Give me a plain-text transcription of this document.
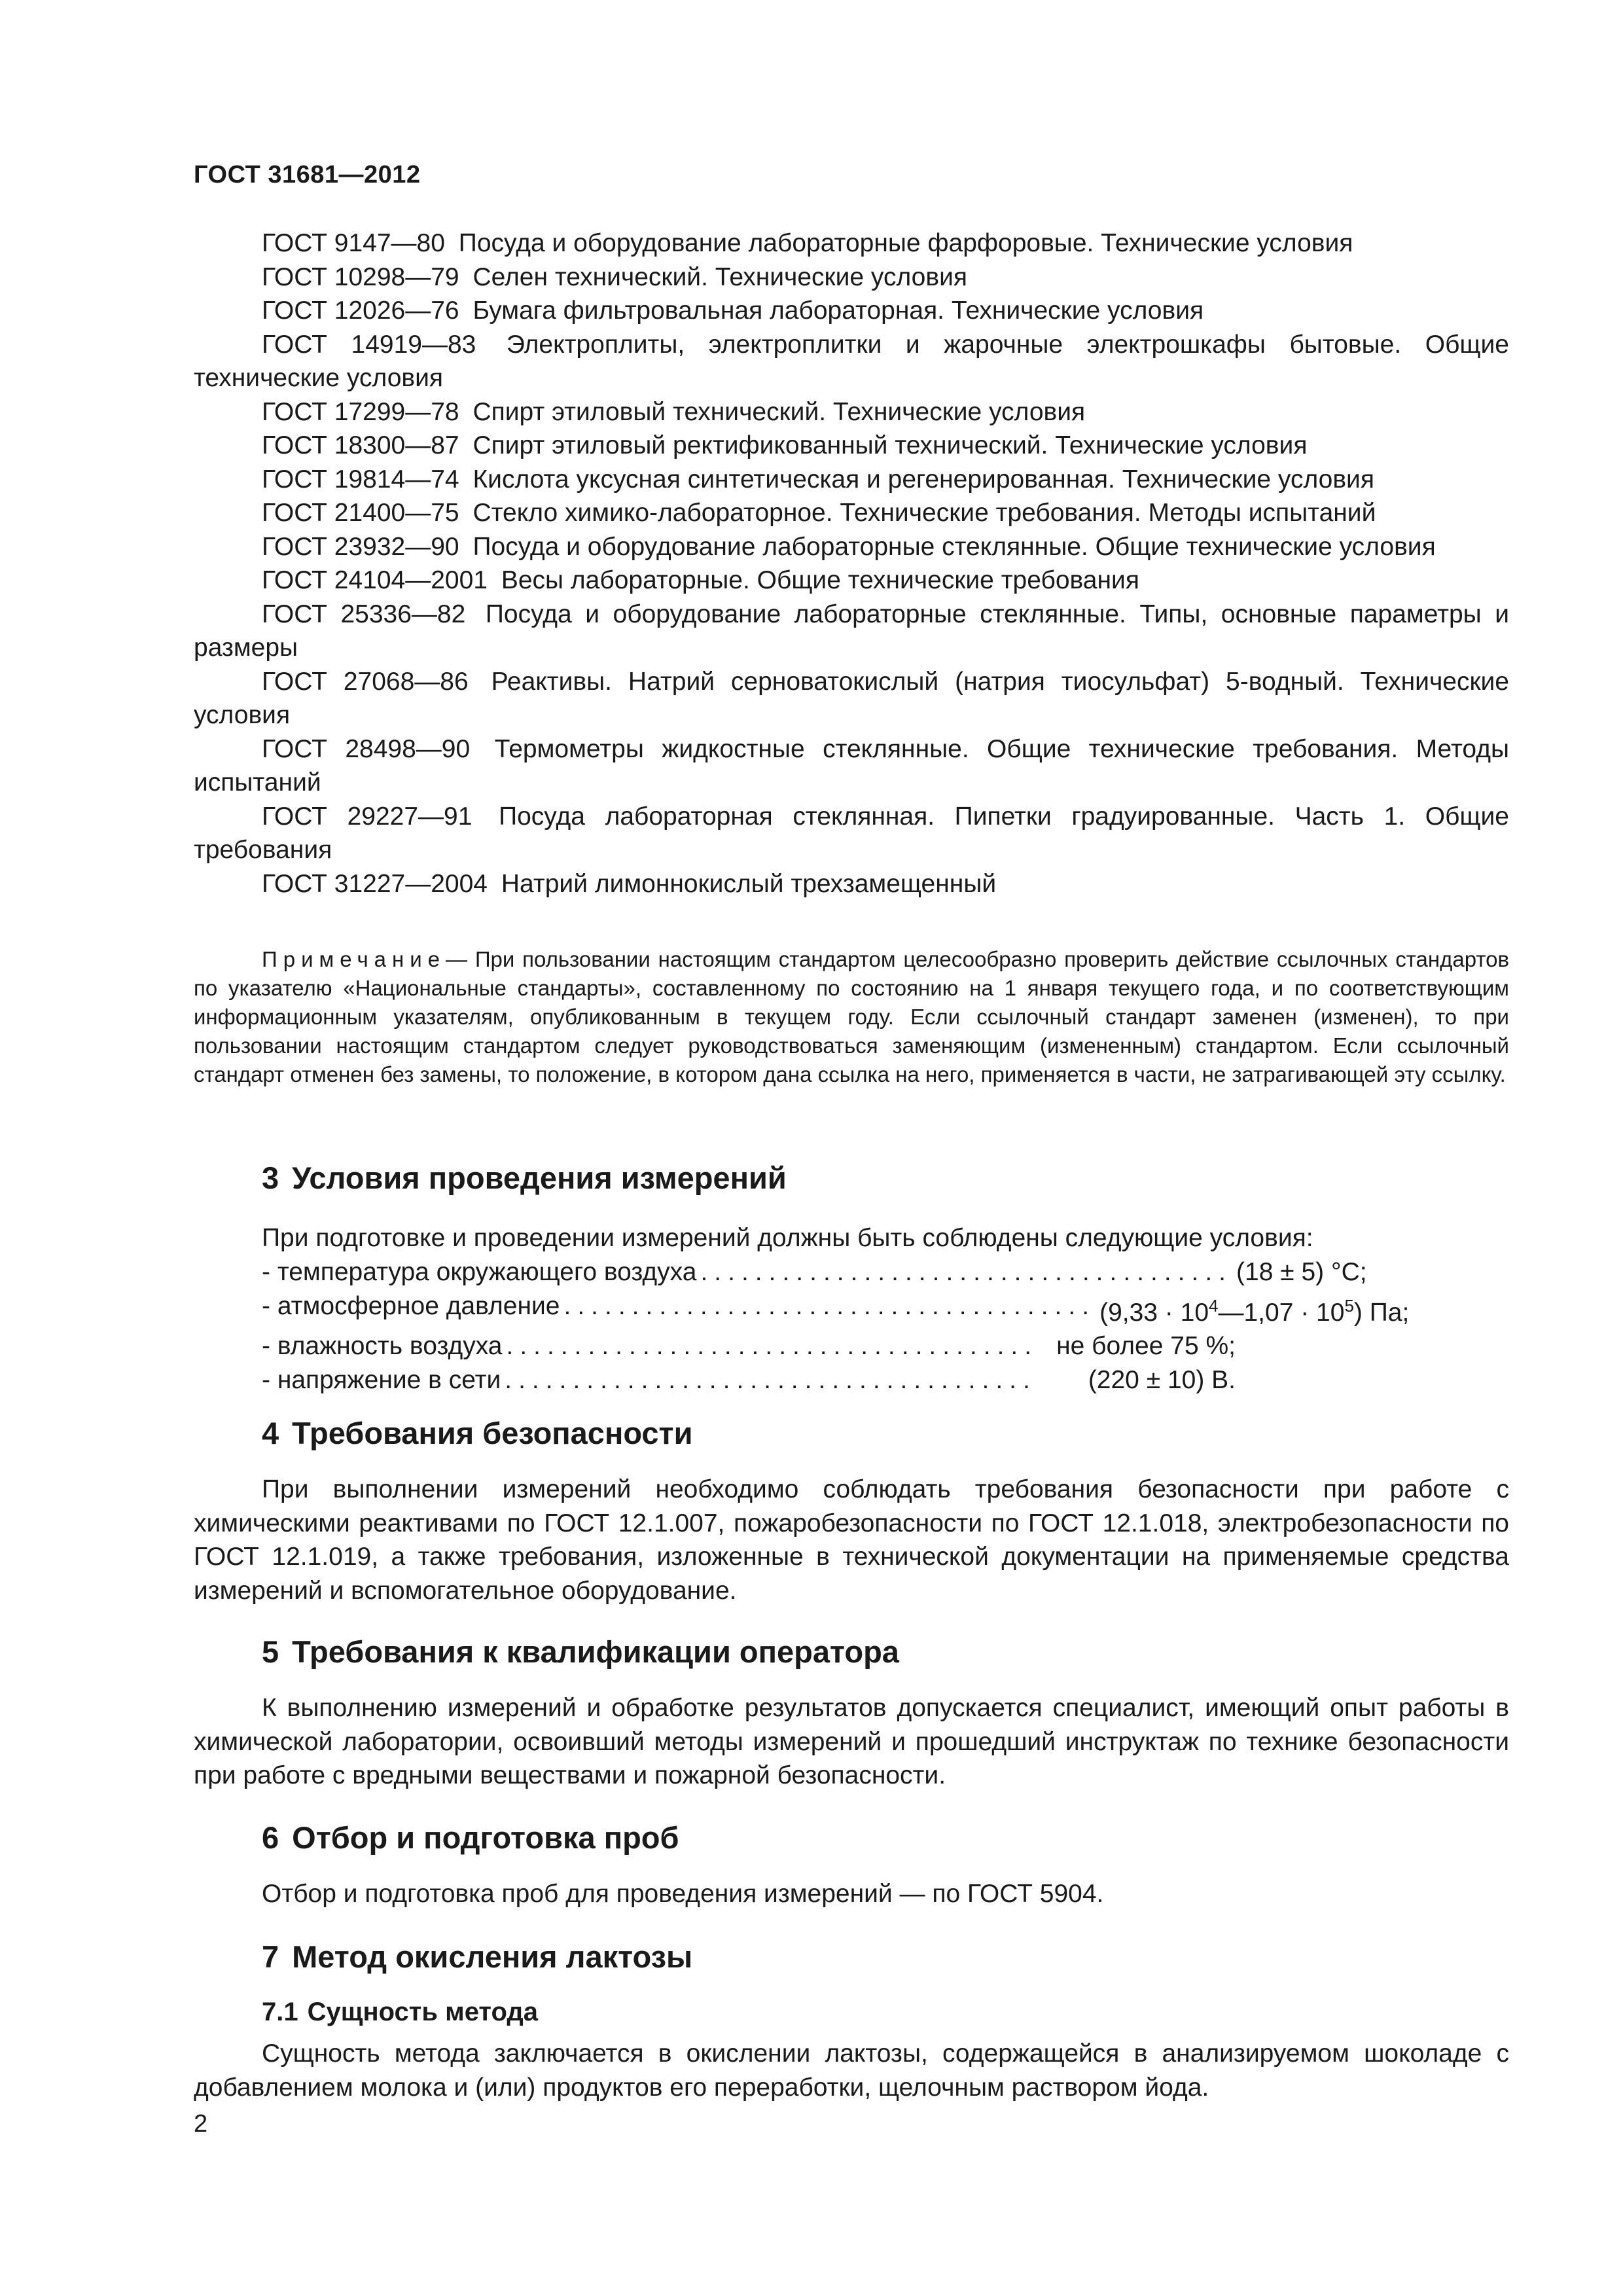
ГОСТ 31681—2012
ГОСТ 9147—80 Посуда и оборудование лабораторные фарфоровые. Технические условия
ГОСТ 10298—79 Селен технический. Технические условия
ГОСТ 12026—76 Бумага фильтровальная лабораторная. Технические условия
ГОСТ 14919—83 Электроплиты, электроплитки и жарочные электрошкафы бытовые. Общие технические условия
ГОСТ 17299—78 Спирт этиловый технический. Технические условия
ГОСТ 18300—87 Спирт этиловый ректификованный технический. Технические условия
ГОСТ 19814—74 Кислота уксусная синтетическая и регенерированная. Технические условия
ГОСТ 21400—75 Стекло химико-лабораторное. Технические требования. Методы испытаний
ГОСТ 23932—90 Посуда и оборудование лабораторные стеклянные. Общие технические условия
ГОСТ 24104—2001 Весы лабораторные. Общие технические требования
ГОСТ 25336—82 Посуда и оборудование лабораторные стеклянные. Типы, основные параметры и размеры
ГОСТ 27068—86 Реактивы. Натрий серноватокислый (натрия тиосульфат) 5-водный. Технические условия
ГОСТ 28498—90 Термометры жидкостные стеклянные. Общие технические требования. Методы испытаний
ГОСТ 29227—91 Посуда лабораторная стеклянная. Пипетки градуированные. Часть 1. Общие требования
ГОСТ 31227—2004 Натрий лимоннокислый трехзамещенный
Примечание— При пользовании настоящим стандартом целесообразно проверить действие ссылочных стандартов по указателю «Национальные стандарты», составленному по состоянию на 1 января текущего года, и по соответствующим информационным указателям, опубликованным в текущем году. Если ссылочный стандарт заменен (изменен), то при пользовании настоящим стандартом следует руководствоваться заменяющим (измененным) стандартом. Если ссылочный стандарт отменен без замены, то положение, в котором дана ссылка на него, применяется в части, не затрагивающей эту ссылку.
3 Условия проведения измерений
При подготовке и проведении измерений должны быть соблюдены следующие условия:
- температура окружающего воздуха ....................................... (18 ± 5) °С;
- атмосферное давление ....................................... $(9,33 \cdot 10^4—1,07 \cdot 10^5)$ Па;
- влажность воздуха ....................................... не более 75 %;
- напряжение в сети .......................................	(220 ± 10) В.
4 Требования безопасности
При выполнении измерений необходимо соблюдать требования безопасности при работе с химическими реактивами по ГОСТ 12.1.007, пожаробезопасности по ГОСТ 12.1.018, электробезопасности по ГОСТ 12.1.019, а также требования, изложенные в технической документации на применяемые средства измерений и вспомогательное оборудование.
5 Требования к квалификации оператора
К выполнению измерений и обработке результатов допускается специалист, имеющий опыт работы в химической лаборатории, освоивший методы измерений и прошедший инструктаж по технике безопасности при работе с вредными веществами и пожарной безопасности.
6 Отбор и подготовка проб
Отбор и подготовка проб для проведения измерений — по ГОСТ 5904.
7 Метод окисления лактозы
7.1 Сущность метода
Сущность метода заключается в окислении лактозы, содержащейся в анализируемом шоколаде с добавлением молока и (или) продуктов его переработки, щелочным раствором йода.
2
